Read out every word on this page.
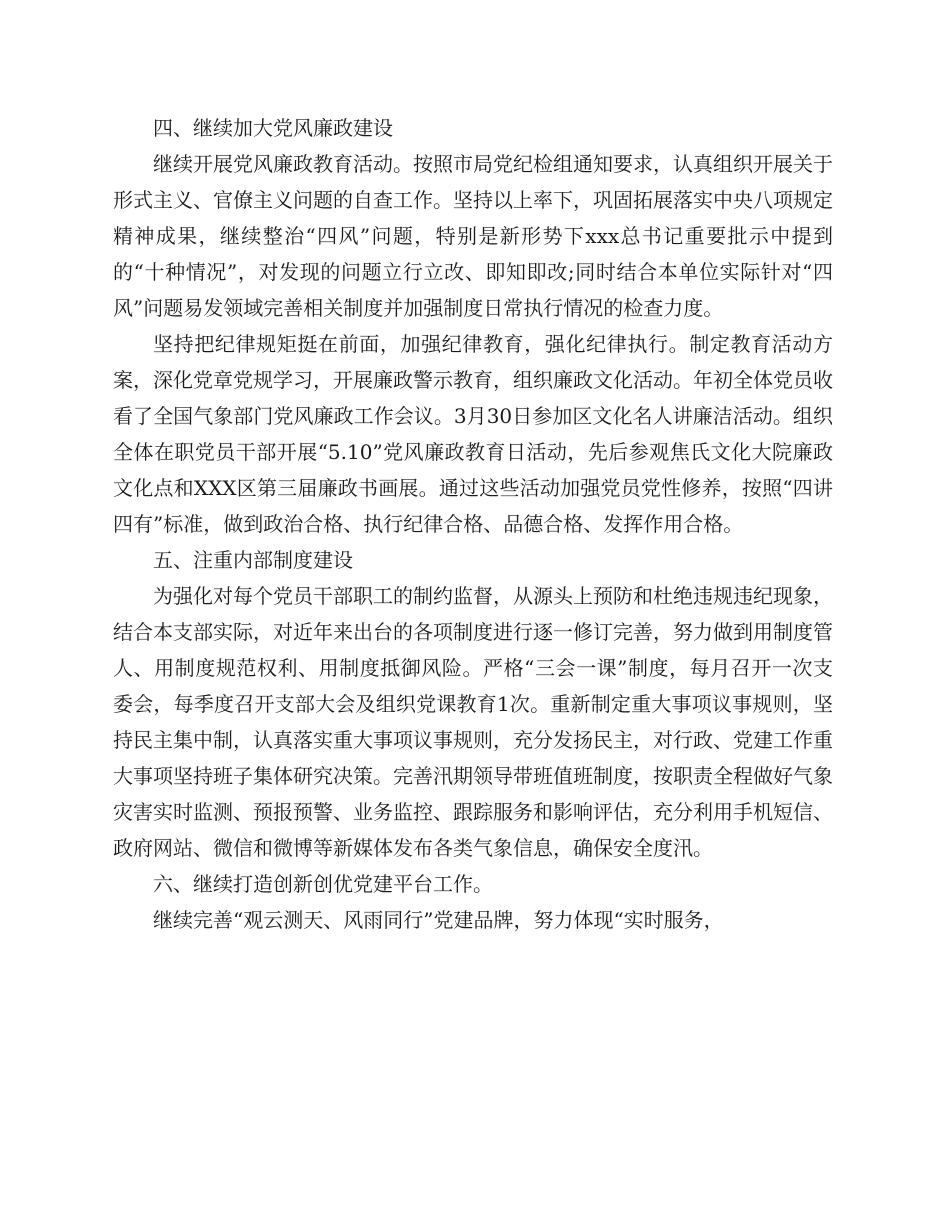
四、继续加大党风廉政建设

继续开展党风廉政教育活动。按照市局党纪检组通知要求，认真组织开展关于形式主义、官僚主义问题的自查工作。坚持以上率下，巩固拓展落实中央八项规定精神成果，继续整治“四风”问题，特别是新形势下xxx总书记重要批示中提到的“十种情况”，对发现的问题立行立改、即知即改;同时结合本单位实际针对“四风”问题易发领域完善相关制度并加强制度日常执行情况的检查力度。

坚持把纪律规矩挺在前面，加强纪律教育，强化纪律执行。制定教育活动方案，深化党章党规学习，开展廉政警示教育，组织廉政文化活动。年初全体党员收看了全国气象部门党风廉政工作会议。3月30日参加区文化名人讲廉洁活动。组织全体在职党员干部开展“5.10”党风廉政教育日活动，先后参观焦氏文化大院廉政文化点和XXX区第三届廉政书画展。通过这些活动加强党员党性修养，按照“四讲四有”标准，做到政治合格、执行纪律合格、品德合格、发挥作用合格。

五、注重内部制度建设

为强化对每个党员干部职工的制约监督，从源头上预防和杜绝违规违纪现象，结合本支部实际，对近年来出台的各项制度进行逐一修订完善，努力做到用制度管人、用制度规范权利、用制度抵御风险。严格“三会一课”制度，每月召开一次支委会，每季度召开支部大会及组织党课教育1次。重新制定重大事项议事规则，坚持民主集中制，认真落实重大事项议事规则，充分发扬民主，对行政、党建工作重大事项坚持班子集体研究决策。完善汛期领导带班值班制度，按职责全程做好气象灾害实时监测、预报预警、业务监控、跟踪服务和影响评估，充分利用手机短信、政府网站、微信和微博等新媒体发布各类气象信息，确保安全度汛。

六、继续打造创新创优党建平台工作。

继续完善“观云测天、风雨同行”党建品牌，努力体现“实时服务，
